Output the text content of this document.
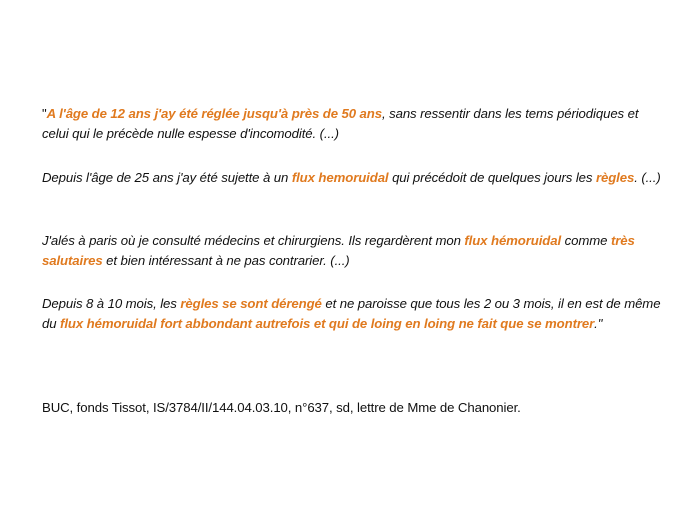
"A l'âge de 12 ans j'ay été réglée jusqu'à près de 50 ans, sans ressentir dans les tems périodiques et celui qui le précède nulle espesse d'incomodité. (...)

Depuis l'âge de 25 ans j'ay été sujette à un flux hemoruidal qui précédoit de quelques jours les règles. (...)

J'alés à paris où je consulté médecins et chirurgiens. Ils regardèrent mon flux hémoruidal comme très salutaires et bien intéressant à ne pas contrarier. (...)

Depuis 8 à 10 mois, les règles se sont dérengé et ne paroisse que tous les 2 ou 3 mois, il en est de même du flux hémoruidal fort abbondant autrefois et qui de loing en loing ne fait que se montrer."

BUC, fonds Tissot, IS/3784/II/144.04.03.10, n°637, sd, lettre de Mme de Chanonier.
